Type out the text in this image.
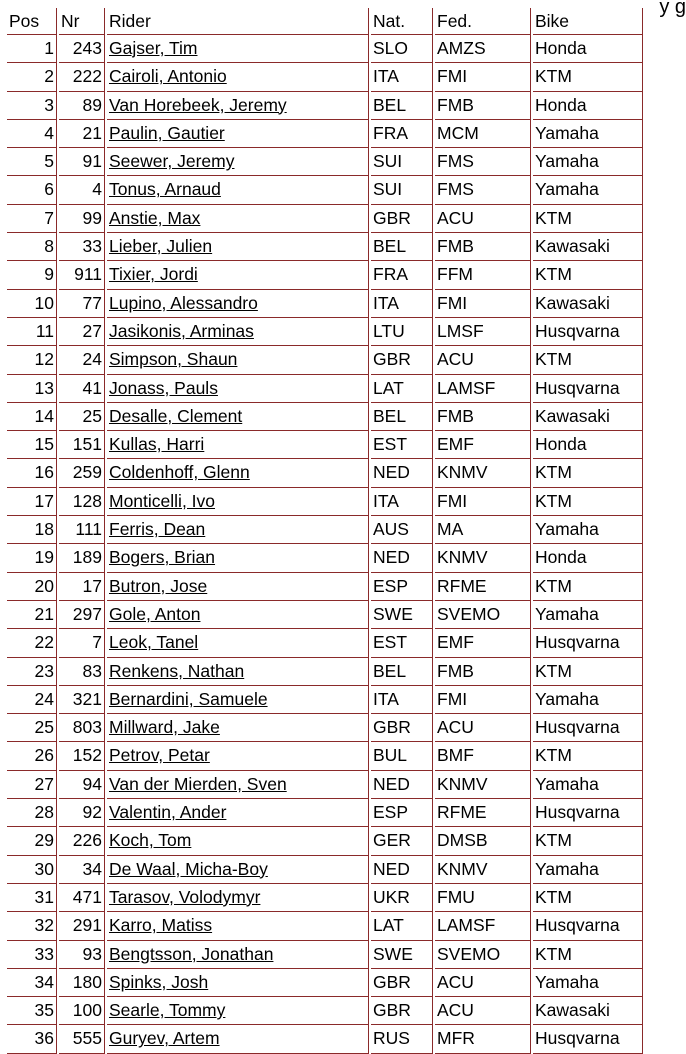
y g
Pos	Nr	Rider	Nat.	Fed.	Bike
1	243	Gajser, Tim	SLO	AMZS	Honda
2	222	Cairoli, Antonio	ITA	FMI	KTM
3	89	Van Horebeek, Jeremy	BEL	FMB	Honda
4	21	Paulin, Gautier	FRA	MCM	Yamaha
5	91	Seewer, Jeremy	SUI	FMS	Yamaha
6	4	Tonus, Arnaud	SUI	FMS	Yamaha
7	99	Anstie, Max	GBR	ACU	KTM
8	33	Lieber, Julien	BEL	FMB	Kawasaki
9	911	Tixier, Jordi	FRA	FFM	KTM
10	77	Lupino, Alessandro	ITA	FMI	Kawasaki
11	27	Jasikonis, Arminas	LTU	LMSF	Husqvarna
12	24	Simpson, Shaun	GBR	ACU	KTM
13	41	Jonass, Pauls	LAT	LAMSF	Husqvarna
14	25	Desalle, Clement	BEL	FMB	Kawasaki
15	151	Kullas, Harri	EST	EMF	Honda
16	259	Coldenhoff, Glenn	NED	KNMV	KTM
17	128	Monticelli, Ivo	ITA	FMI	KTM
18	111	Ferris, Dean	AUS	MA	Yamaha
19	189	Bogers, Brian	NED	KNMV	Honda
20	17	Butron, Jose	ESP	RFME	KTM
21	297	Gole, Anton	SWE	SVEMO	Yamaha
22	7	Leok, Tanel	EST	EMF	Husqvarna
23	83	Renkens, Nathan	BEL	FMB	KTM
24	321	Bernardini, Samuele	ITA	FMI	Yamaha
25	803	Millward, Jake	GBR	ACU	Husqvarna
26	152	Petrov, Petar	BUL	BMF	KTM
27	94	Van der Mierden, Sven	NED	KNMV	Yamaha
28	92	Valentin, Ander	ESP	RFME	Husqvarna
29	226	Koch, Tom	GER	DMSB	KTM
30	34	De Waal, Micha-Boy	NED	KNMV	Yamaha
31	471	Tarasov, Volodymyr	UKR	FMU	KTM
32	291	Karro, Matiss	LAT	LAMSF	Husqvarna
33	93	Bengtsson, Jonathan	SWE	SVEMO	KTM
34	180	Spinks, Josh	GBR	ACU	Yamaha
35	100	Searle, Tommy	GBR	ACU	Kawasaki
36	555	Guryev, Artem	RUS	MFR	Husqvarna
